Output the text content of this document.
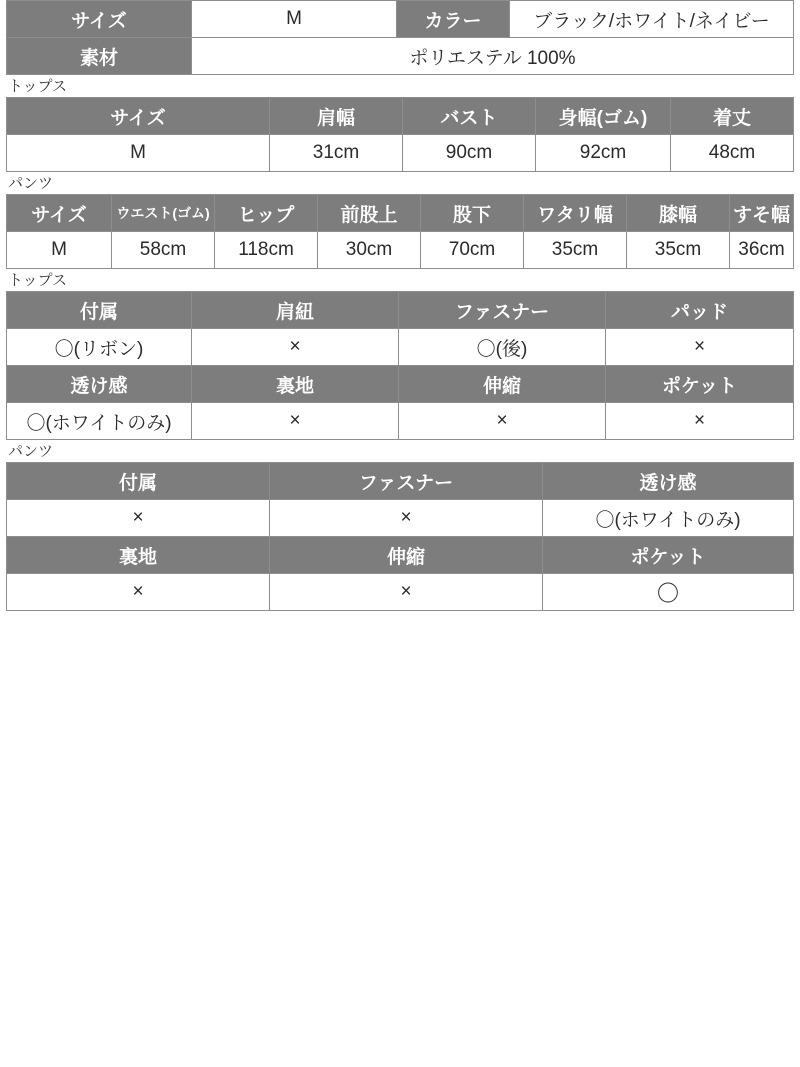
サイズ	M	カラー	ブラック/ホワイト/ネイビー
素材	ポリエステル 100%		
トップス
サイズ	肩幅	バスト	身幅(ゴム)	着丈
M	31cm	90cm	92cm	48cm
パンツ
サイズ	ウエスト(ゴム)	ヒップ	前股上	股下	ワタリ幅	膝幅	すそ幅
M	58cm	118cm	30cm	70cm	35cm	35cm	36cm
トップス
付属	肩紐	ファスナー	パッド
〇(リボン)	×	〇(後)	×
透け感	裏地	伸縮	ポケット
〇(ホワイトのみ)	×	×	×
パンツ
付属	ファスナー	透け感
×	×	〇(ホワイトのみ)
裏地	伸縮	ポケット
×	×	〇
